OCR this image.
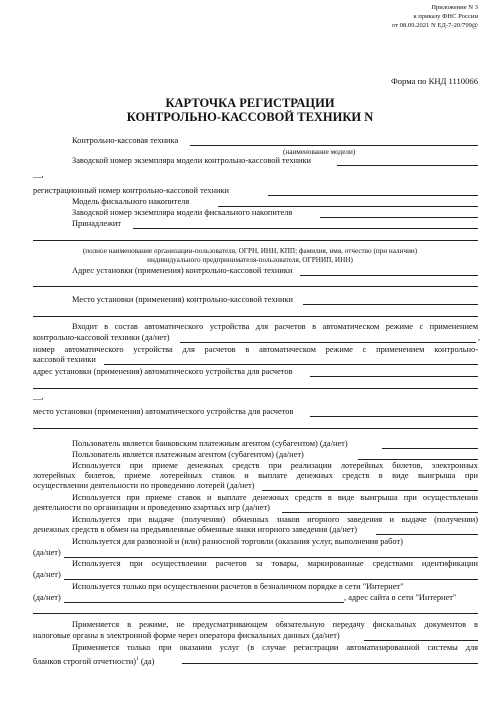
Приложение N 3
к приказу ФНС России
от 08.09.2021 N ЕД-7-20/799@
Форма по КНД 1110066
КАРТОЧКА РЕГИСТРАЦИИ
КОНТРОЛЬНО-КАССОВОЙ ТЕХНИКИ N
Контрольно-кассовая техника
(наименование модели)
Заводской номер экземпляра модели контрольно-кассовой техники
__,
регистрационный номер контрольно-кассовой техники
Модель фискального накопителя
Заводской номер экземпляра модели фискального накопителя
Принадлежит
(полное наименование организации-пользователя, ОГРН, ИНН, КПП; фамилия, имя, отчество (при наличии)
индивидуального предпринимателя-пользователя, ОГРНИП, ИНН)
Адрес установки (применения) контрольно-кассовой техники
Место установки (применения) контрольно-кассовой техники
Входит в состав автоматического устройства для расчетов в автоматическом режиме с применением
контрольно-кассовой техники (да/нет)	,
номер автоматического устройства для расчетов в автоматическом режиме с применением контрольно-
кассовой техники
адрес установки (применения) автоматического устройства для расчетов
__,
место установки (применения) автоматического устройства для расчетов
Пользователь является банковским платежным агентом (субагентом) (да/нет)
Пользователь является платежным агентом (субагентом) (да/нет)
Используется при приеме денежных средств при реализации лотерейных билетов, электронных
лотерейных билетов, приеме лотерейных ставок и выплате денежных средств в виде выигрыша при
осуществлении деятельности по проведению лотерей (да/нет)
Используется при приеме ставок и выплате денежных средств в виде выигрыша при осуществлении
деятельности по организации и проведению азартных игр (да/нет)
Используется при выдаче (получении) обменных знаков игорного заведения и выдаче (получении)
денежных средств в обмен на предъявленные обменные знаки игорного заведения (да/нет)
Используется для развозной и (или) разносной торговли (оказания услуг, выполнения работ)
(да/нет)
Используется при осуществлении расчетов за товары, маркированные средствами идентификации
(да/нет)
Используется только при осуществлении расчетов в безналичном порядке в сети "Интернет"
(да/нет)	, адрес сайта в сети "Интернет"
Применяется в режиме, не предусматривающем обязательную передачу фискальных документов в
налоговые органы в электронной форме через оператора фискальных данных (да/нет)
Применяется только при оказании услуг (в случае регистрации автоматизированной системы для
бланков строгой отчетности)$^1$ (да)
